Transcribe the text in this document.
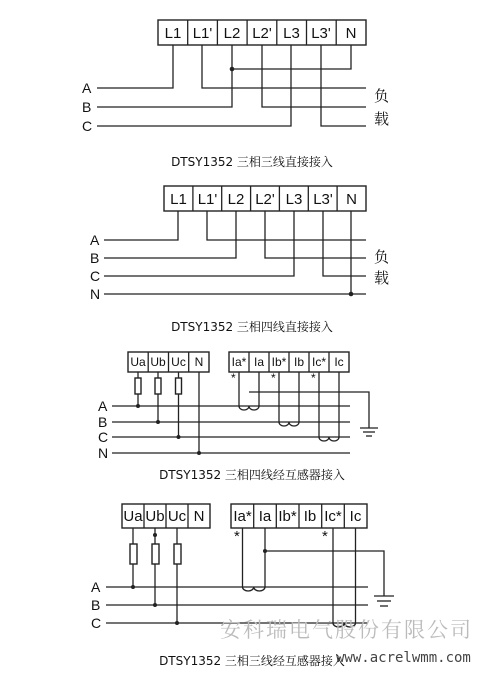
L1 L1' L2 L2' L3 L3' N
A
B
C
负
载
DTSY1352 三相三线直接接入
L1 L1' L2 L2' L3 L3' N
A
B
C
N
负
载
DTSY1352 三相四线直接接入
Ua Ub Uc N Ia* Ia Ib* Ib Ic* Ic
*	*	*
A
B
C
N
DTSY1352 三相四线经互感器接入
Ua Ub Uc N Ia* Ia Ib* Ib Ic* Ic
*	*
A
B
C	安科瑞电气股份有限公司
www.acrelwmm.com
DTSY1352 三相三线经互感器接入
